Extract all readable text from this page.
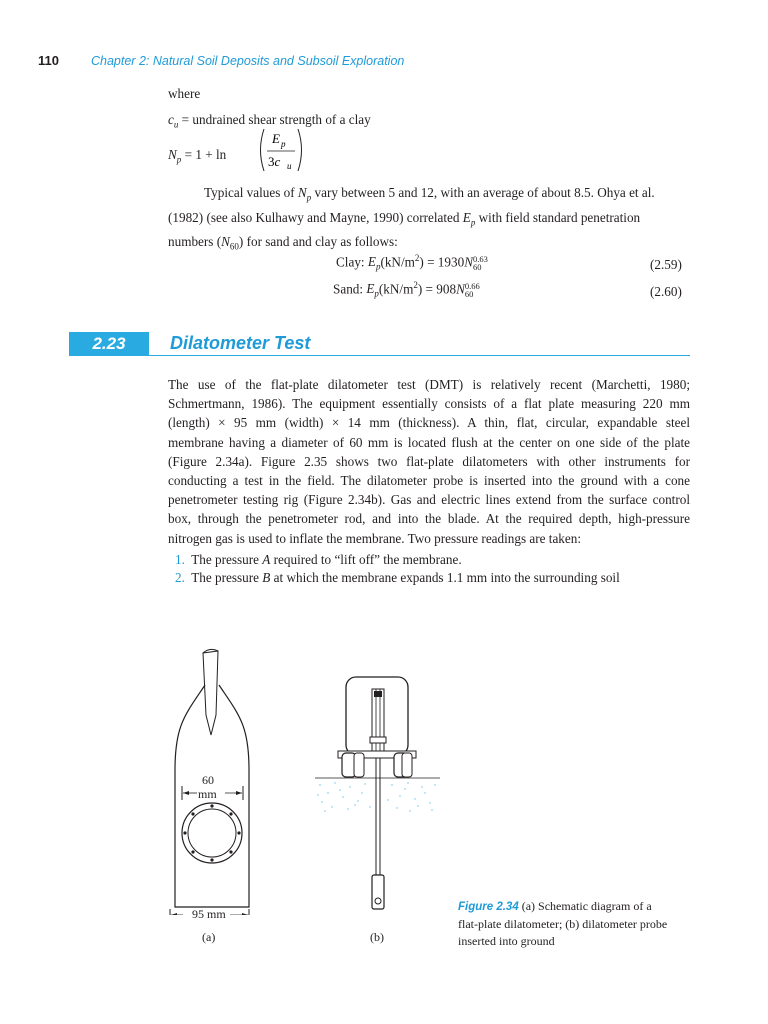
110	Chapter 2: Natural Soil Deposits and Subsoil Exploration
where
$c_u$ = undrained shear strength of a clay
$N_p = 1 + \ln$
E p
3c u
Typical values of $N_p$ vary between 5 and 12, with an average of about 8.5. Ohya et al.
(1982) (see also Kulhawy and Mayne, 1990) correlated $E_p$ with field standard penetration
numbers $(N_{60})$ for sand and clay as follows:
Clay: $E_p(kN/m^2) = 1930N0.63$
60	(2.59)
Sand: $E_p(kN/m^2) = 908N0.66$
60	(2.60)
2.23	Dilatometer Test
The use of the flat-plate dilatometer test (DMT) is relatively recent (Marchetti, 1980;
Schmertmann, 1986). The equipment essentially consists of a flat plate measuring 220 mm
(length) × 95 mm (width) × 14 mm (thickness). A thin, flat, circular, expandable steel
membrane having a diameter of 60 mm is located flush at the center on one side of the plate
(Figure 2.34a). Figure 2.35 shows two flat-plate dilatometers with other instruments for
conducting a test in the field. The dilatometer probe is inserted into the ground with a cone
penetrometer testing rig (Figure 2.34b). Gas and electric lines extend from the surface control
box, through the penetrometer rod, and into the blade. At the required depth, high-pressure
nitrogen gas is used to inflate the membrane. Two pressure readings are taken:
1. The pressure A required to “lift off” the membrane.
2. The pressure B at which the membrane expands 1.1 mm into the surrounding soil
60
mm
95 mm
(a)	(b)
Figure 2.34 (a) Schematic diagram of a
flat-plate dilatometer; (b) dilatometer probe
inserted into ground
